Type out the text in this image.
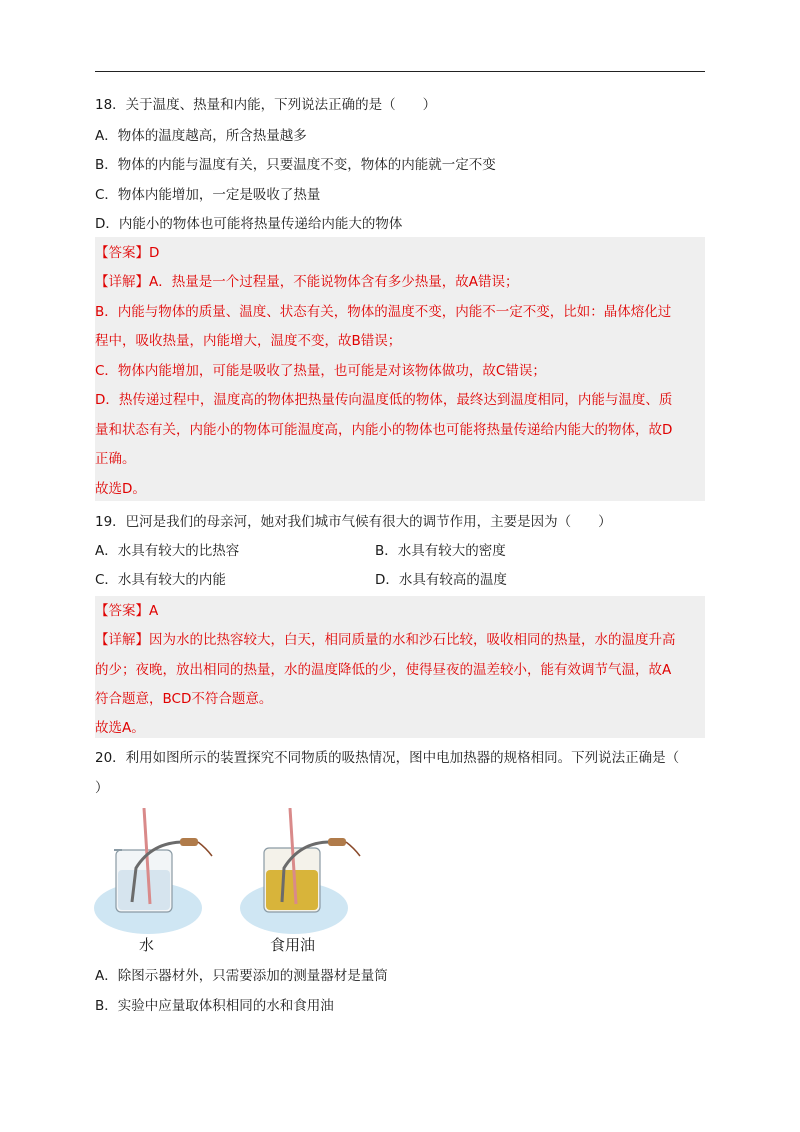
18．关于温度、热量和内能，下列说法正确的是（　　）
A．物体的温度越高，所含热量越多
B．物体的内能与温度有关，只要温度不变，物体的内能就一定不变
C．物体内能增加，一定是吸收了热量
D．内能小的物体也可能将热量传递给内能大的物体
【答案】D
【详解】A．热量是一个过程量，不能说物体含有多少热量，故A错误；
B．内能与物体的质量、温度、状态有关，物体的温度不变，内能不一定不变，比如：晶体熔化过
程中，吸收热量，内能增大，温度不变，故B错误；
C．物体内能增加，可能是吸收了热量，也可能是对该物体做功，故C错误；
D．热传递过程中，温度高的物体把热量传向温度低的物体，最终达到温度相同，内能与温度、质
量和状态有关，内能小的物体可能温度高，内能小的物体也可能将热量传递给内能大的物体，故D
正确。
故选D。
19．巴河是我们的母亲河，她对我们城市气候有很大的调节作用，主要是因为（　　）
A．水具有较大的比热容	B．水具有较大的密度
C．水具有较大的内能	D．水具有较高的温度
【答案】A
【详解】因为水的比热容较大，白天，相同质量的水和沙石比较，吸收相同的热量，水的温度升高
的少；夜晚，放出相同的热量，水的温度降低的少，使得昼夜的温差较小，能有效调节气温，故A
符合题意，BCD不符合题意。
故选A。
20．利用如图所示的装置探究不同物质的吸热情况，图中电加热器的规格相同。下列说法正确是（
）
水	食用油
A．除图示器材外，只需要添加的测量器材是量筒
B．实验中应量取体积相同的水和食用油
